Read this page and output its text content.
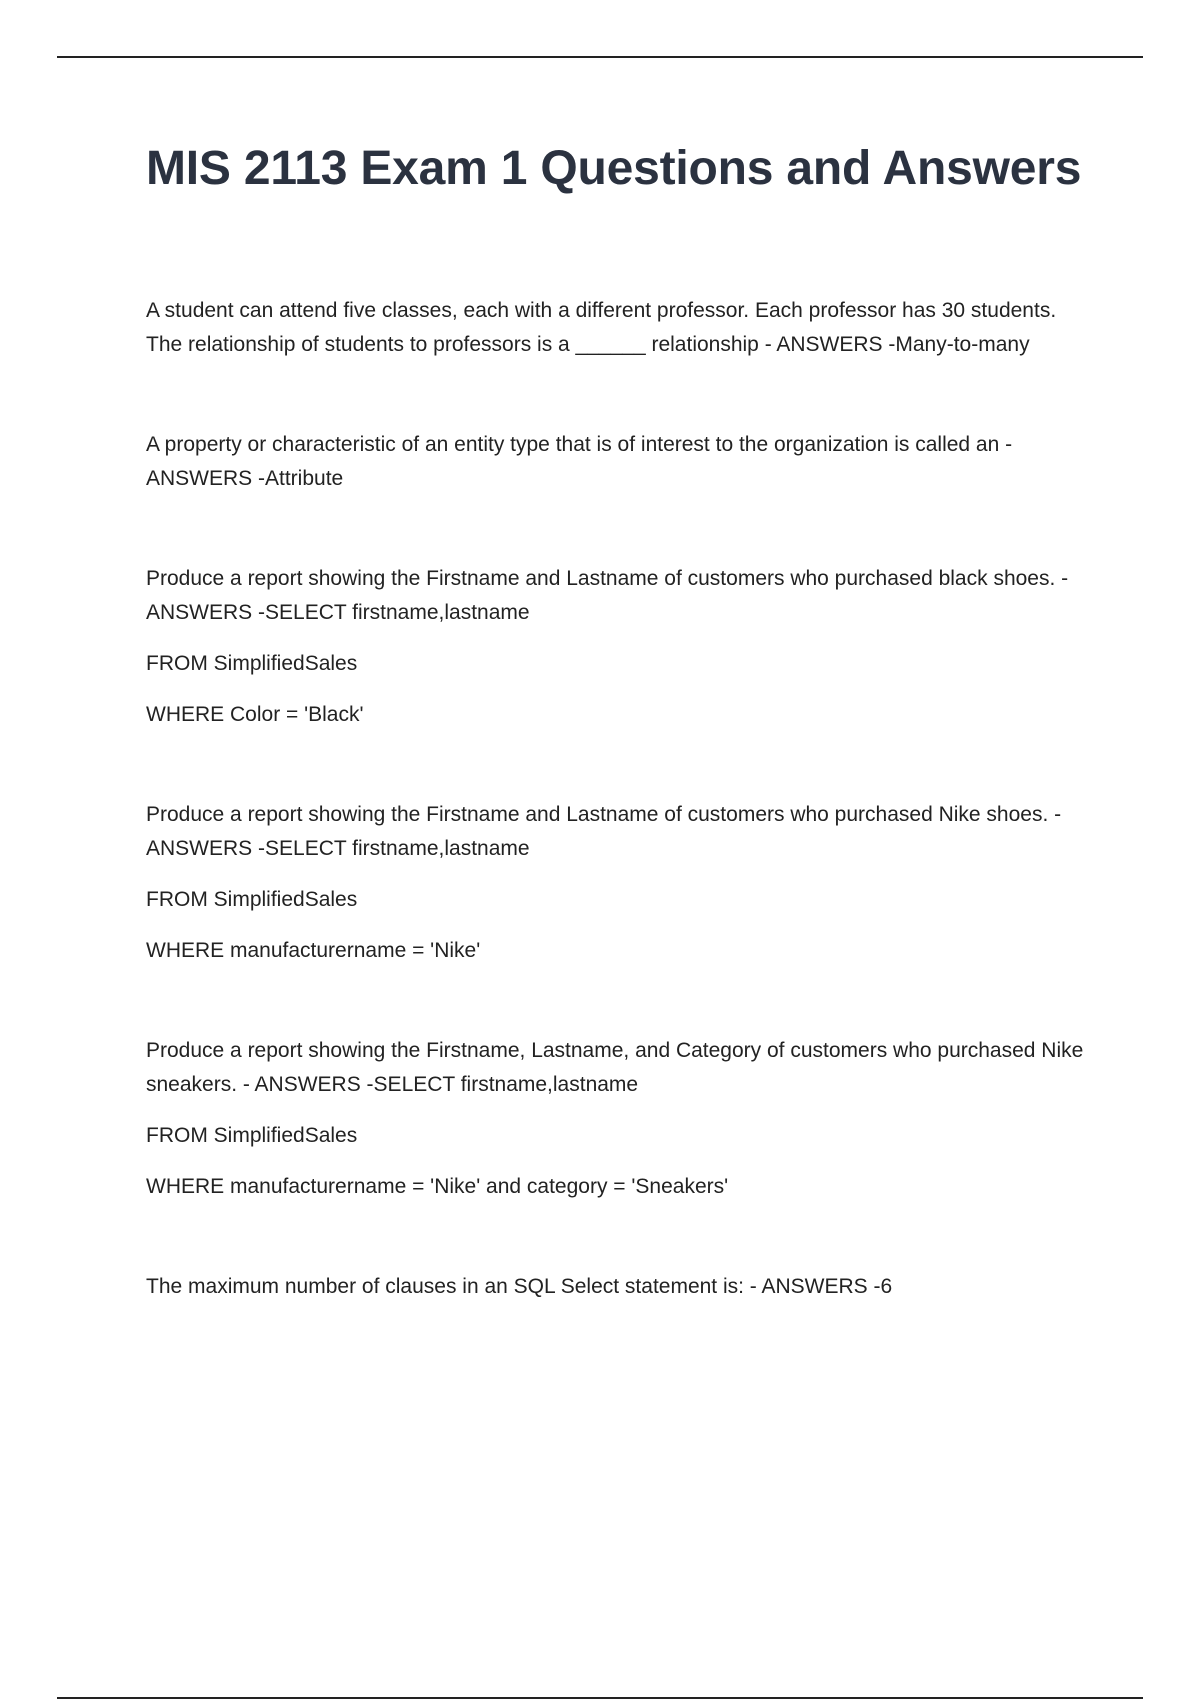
MIS 2113 Exam 1 Questions and Answers

A student can attend five classes, each with a different professor. Each professor has 30 students. The relationship of students to professors is a ______ relationship - ANSWERS -Many-to-many

A property or characteristic of an entity type that is of interest to the organization is called an - ANSWERS -Attribute

Produce a report showing the Firstname and Lastname of customers who purchased black shoes. - ANSWERS -SELECT firstname,lastname

FROM SimplifiedSales

WHERE Color = 'Black'

Produce a report showing the Firstname and Lastname of customers who purchased Nike shoes. - ANSWERS -SELECT firstname,lastname

FROM SimplifiedSales

WHERE manufacturername = 'Nike'

Produce a report showing the Firstname, Lastname, and Category of customers who purchased Nike sneakers. - ANSWERS -SELECT firstname,lastname

FROM SimplifiedSales

WHERE manufacturername = 'Nike' and category = 'Sneakers'

The maximum number of clauses in an SQL Select statement is: - ANSWERS -6
